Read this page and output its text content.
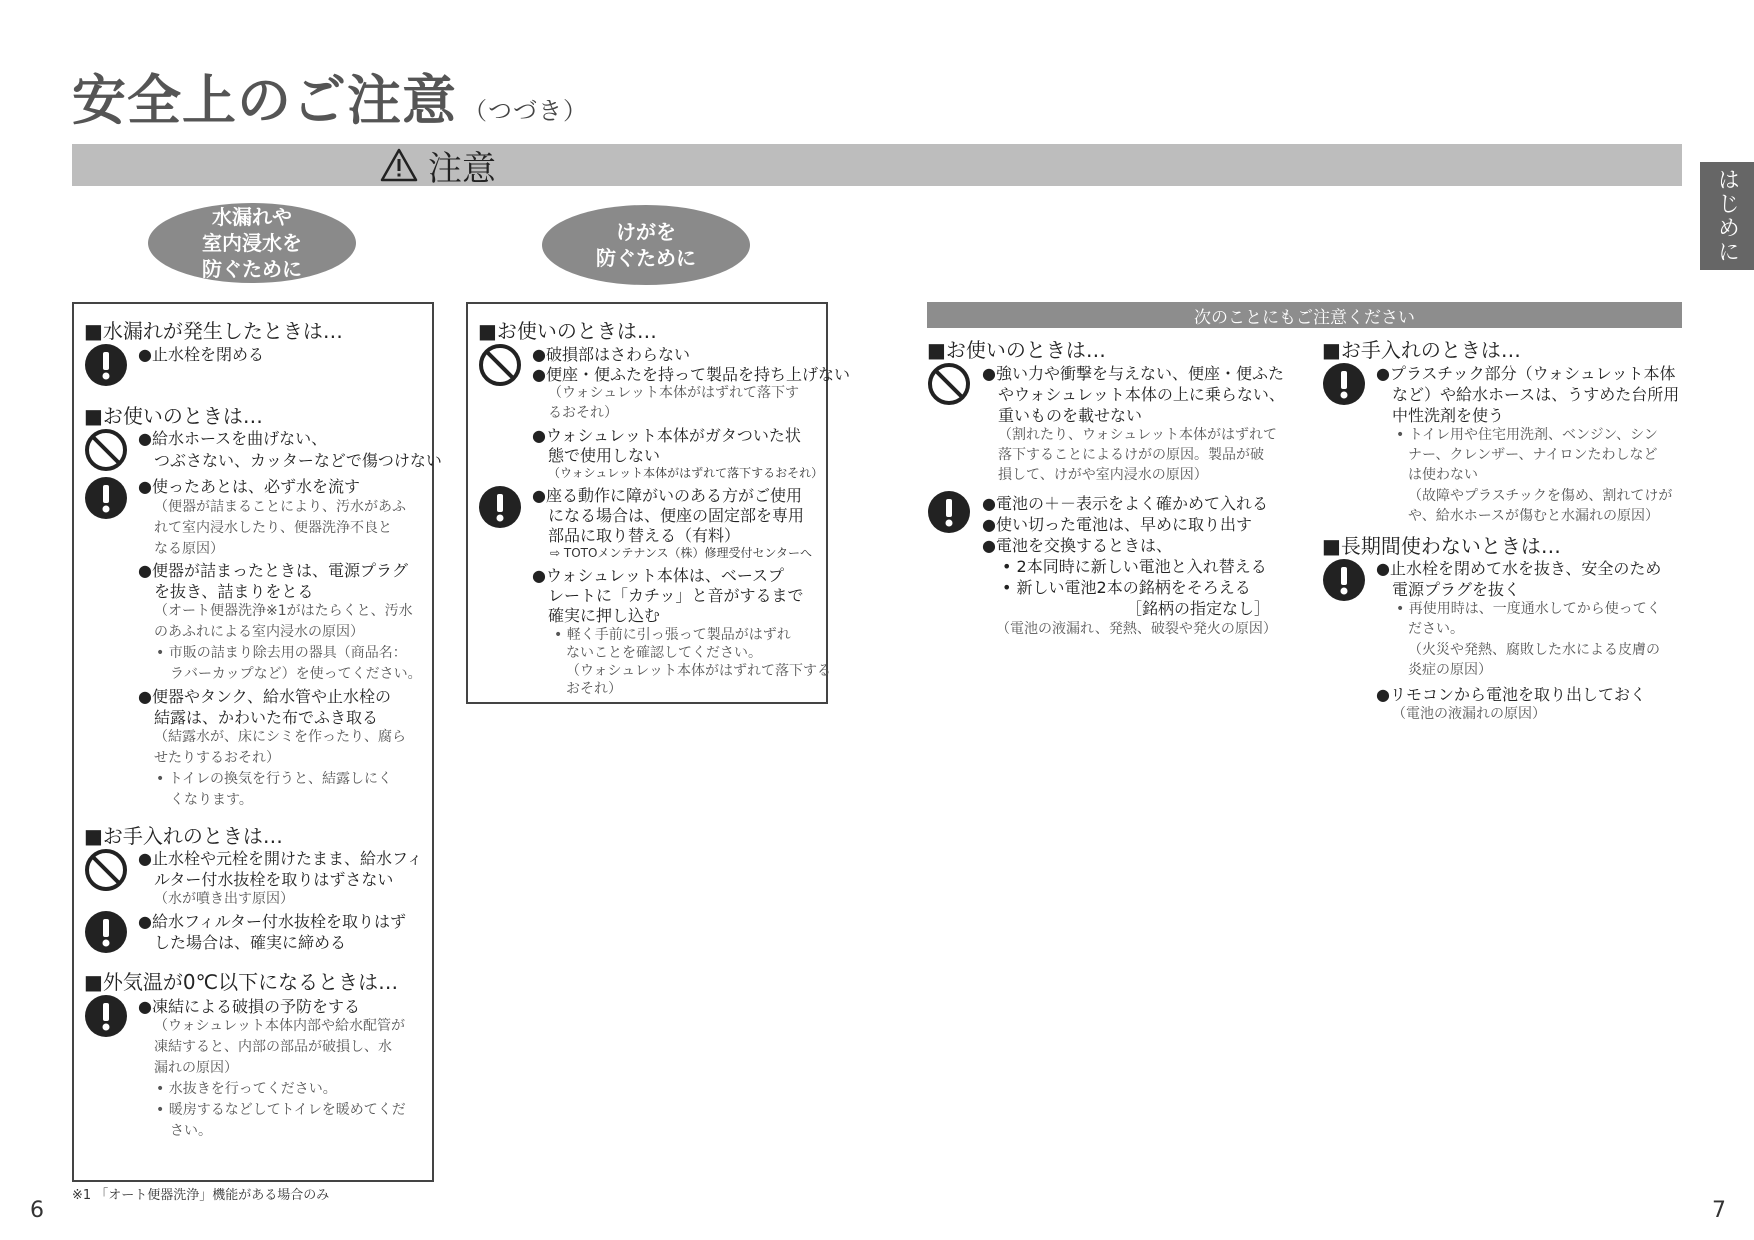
安全上のご注意 （つづき）
注意	はじめに
水漏れや
室内浸水を
防ぐために
けがを
防ぐために
次のことにもご注意ください
■水漏れが発生したときは…
●止水栓を閉める
■お使いのときは…
●給水ホースを曲げない、
つぶさない、カッターなどで傷つけない
●使ったあとは、必ず水を流す
（便器が詰まることにより、汚水があふ
れて室内浸水したり、便器洗浄不良と
なる原因）
●便器が詰まったときは、電源プラグ
を抜き、詰まりをとる
（オート便器洗浄※1がはたらくと、汚水
のあふれによる室内浸水の原因）
• 市販の詰まり除去用の器具（商品名：
ラバーカップなど）を使ってください。
●便器やタンク、給水管や止水栓の
結露は、かわいた布でふき取る
（結露水が、床にシミを作ったり、腐ら
せたりするおそれ）
• トイレの換気を行うと、結露しにく
くなります。
■お手入れのときは…
●止水栓や元栓を開けたまま、給水フィ
ルター付水抜栓を取りはずさない
（水が噴き出す原因）
●給水フィルター付水抜栓を取りはず
した場合は、確実に締める
■外気温が0℃以下になるときは…
●凍結による破損の予防をする
（ウォシュレット本体内部や給水配管が
凍結すると、内部の部品が破損し、水
漏れの原因）
• 水抜きを行ってください。
• 暖房するなどしてトイレを暖めてくだ
さい。
■お使いのときは…
●破損部はさわらない
●便座・便ふたを持って製品を持ち上げない
（ウォシュレット本体がはずれて落下す
るおそれ）
●ウォシュレット本体がガタついた状
態で使用しない
（ウォシュレット本体がはずれて落下するおそれ）
●座る動作に障がいのある方がご使用
になる場合は、便座の固定部を専用
部品に取り替える（有料）
⇨ TOTOメンテナンス（株）修理受付センターへ
●ウォシュレット本体は、ベースプ
レートに「カチッ」と音がするまで
確実に押し込む
• 軽く手前に引っ張って製品がはずれ
ないことを確認してください。
（ウォシュレット本体がはずれて落下する
おそれ）
■お使いのときは…
●強い力や衝撃を与えない、便座・便ふた
やウォシュレット本体の上に乗らない、
重いものを載せない
（割れたり、ウォシュレット本体がはずれて
落下することによるけがの原因。製品が破
損して、けがや室内浸水の原因）
●電池の＋－表示をよく確かめて入れる
●使い切った電池は、早めに取り出す
●電池を交換するときは、
• 2本同時に新しい電池と入れ替える
• 新しい電池2本の銘柄をそろえる
［銘柄の指定なし］
（電池の液漏れ、発熱、破裂や発火の原因）
■お手入れのときは…
●プラスチック部分（ウォシュレット本体
など）や給水ホースは、うすめた台所用
中性洗剤を使う
• トイレ用や住宅用洗剤、ベンジン、シン
ナー、クレンザー、ナイロンたわしなど
は使わない
（故障やプラスチックを傷め、割れてけが
や、給水ホースが傷むと水漏れの原因）
■長期間使わないときは…
●止水栓を閉めて水を抜き、安全のため
電源プラグを抜く
• 再使用時は、一度通水してから使ってく
ださい。
（火災や発熱、腐敗した水による皮膚の
炎症の原因）
●リモコンから電池を取り出しておく
（電池の液漏れの原因）
※1 「オート便器洗浄」機能がある場合のみ
6	7
